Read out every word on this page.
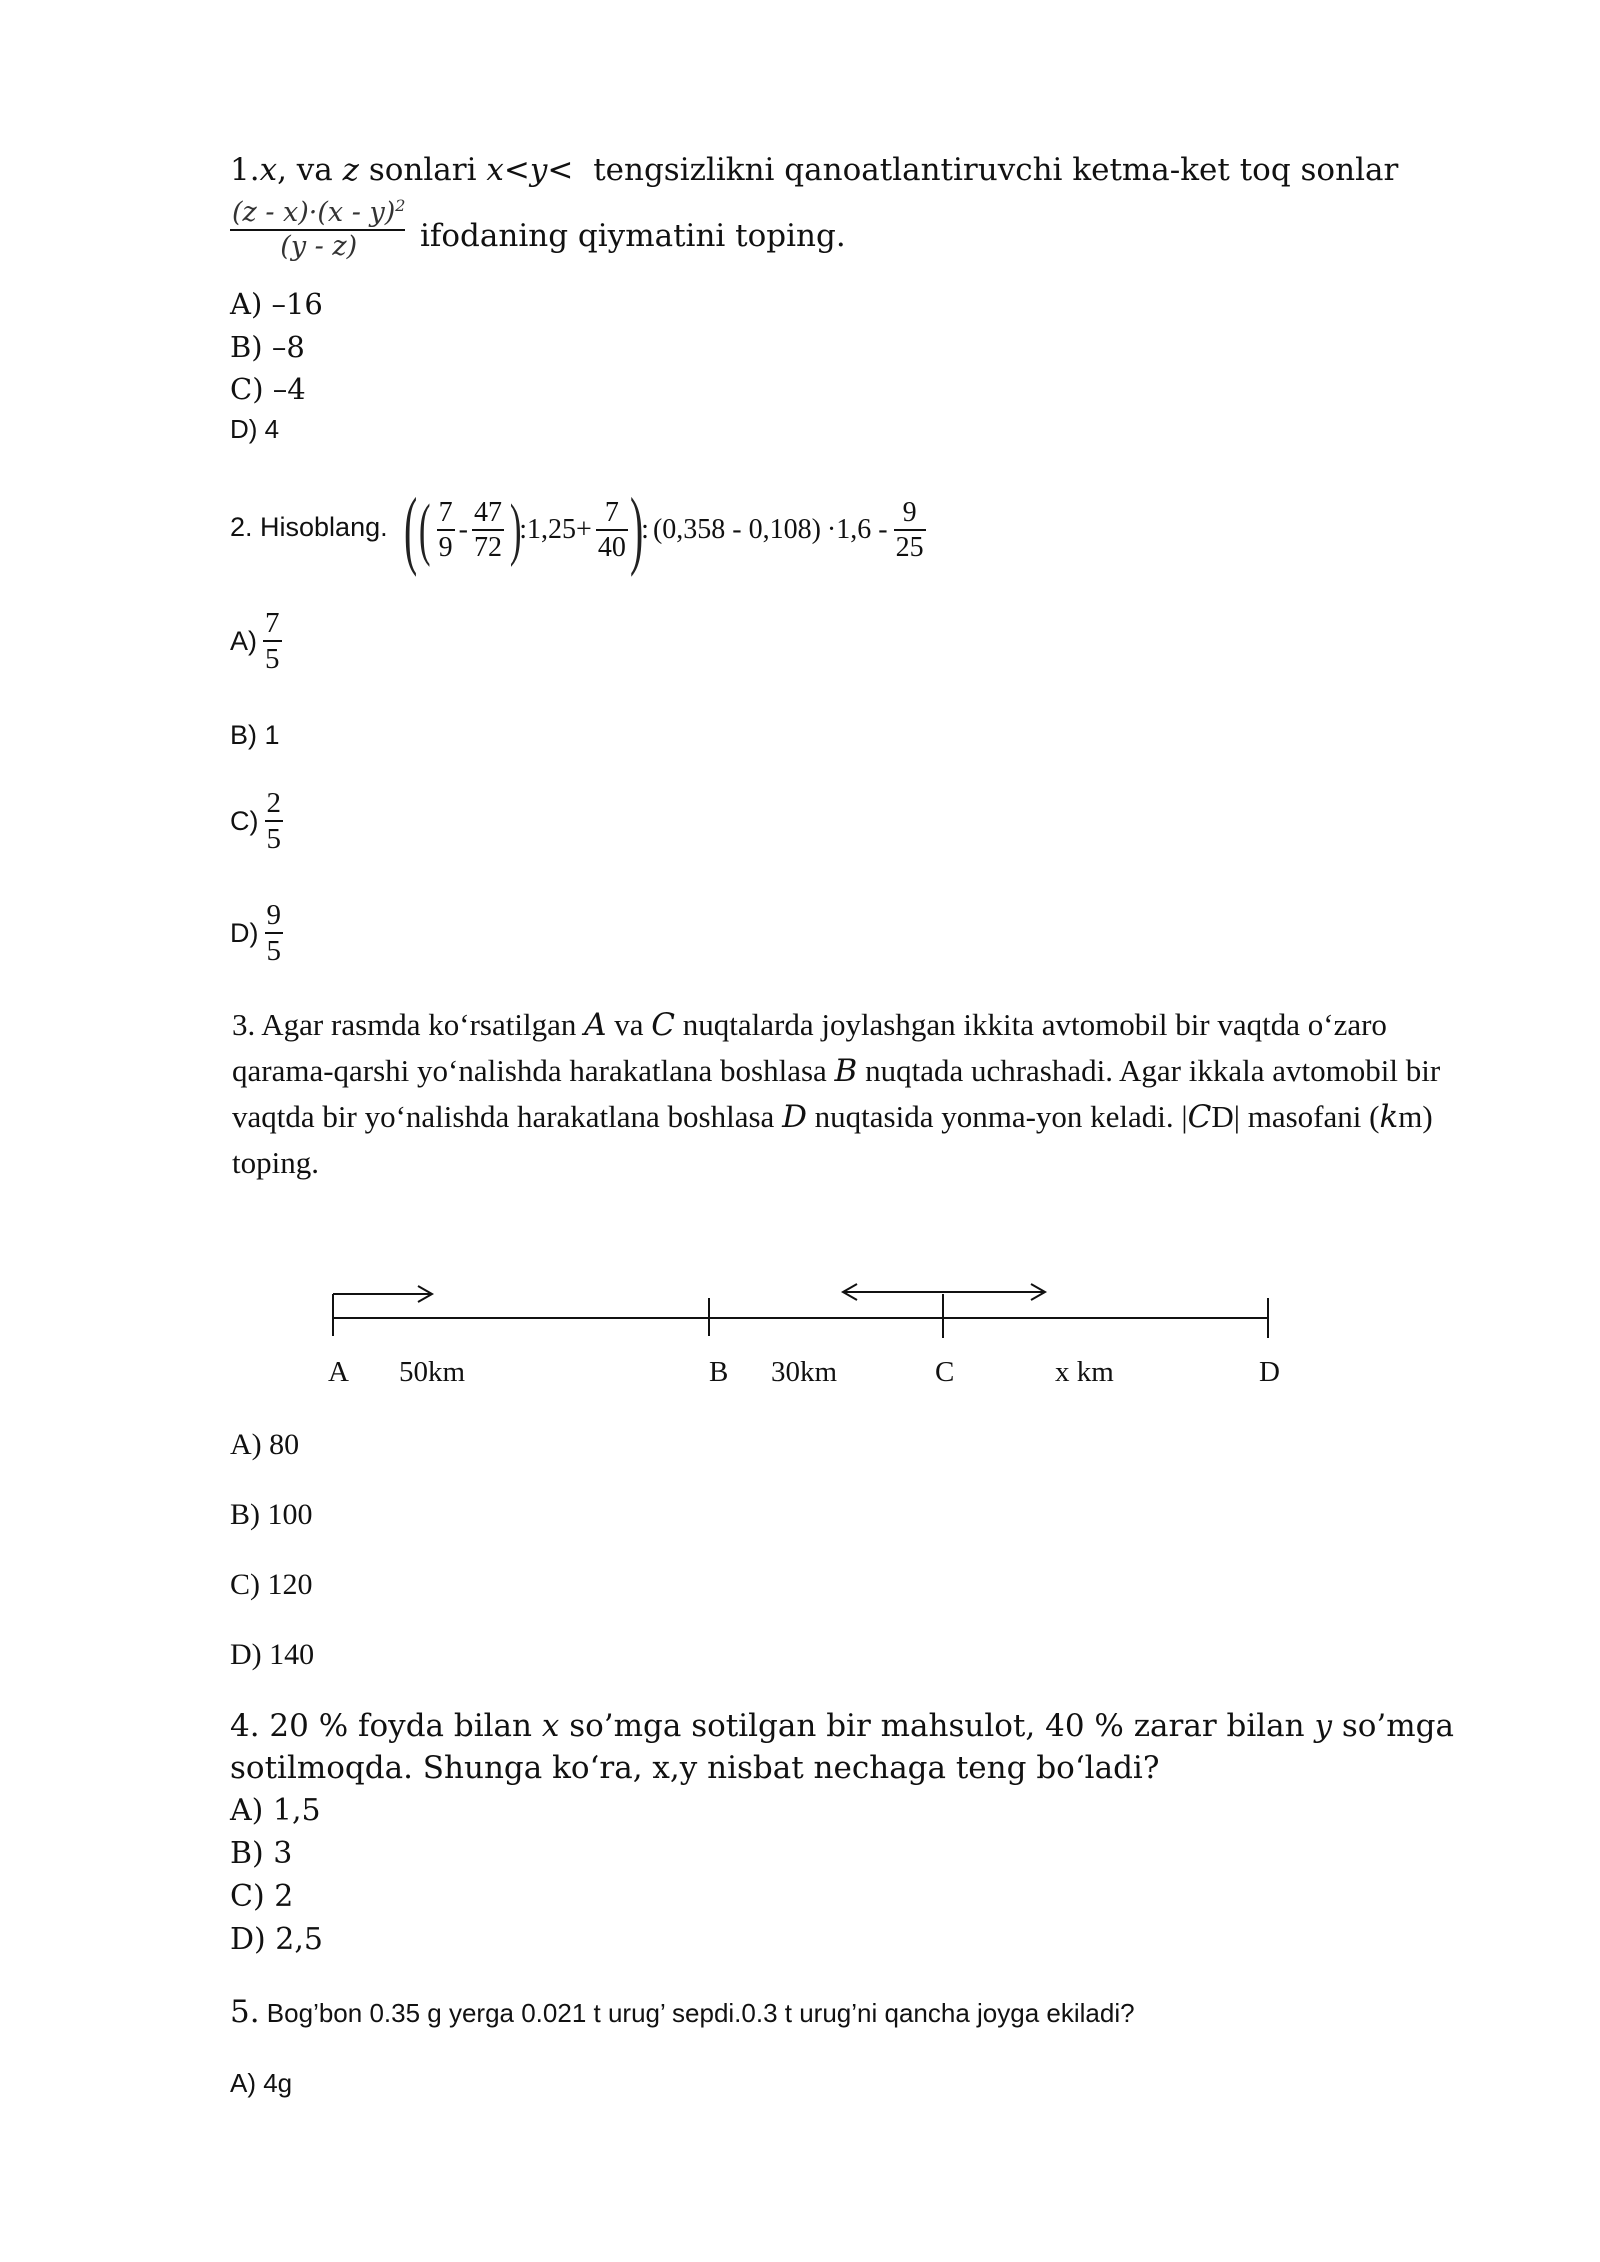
1.x, va z sonlari x<y< tengsizlikni qanoatlantiruvchi ketma-ket toq sonlar
$\frac{(z - x)\cdot(x - y)^2}{(y - z)}$ ifodaning qiymatini toping.
A) –16
B) –8
C) –4
D) 4
2. Hisoblang. ( ( $\frac{7}{9} - \frac{47}{72}$ )
:1,25+ $\frac{7}{40}$ )
: $(0,358 - 0,108) \cdot 1,6 - \frac{9}{25}$
$A) \frac{7}{5}$
B) 1
$C) \frac{2}{5}$
$D) \frac{9}{5}$
3. Agar rasmda ko‘rsatilgan A va C nuqtalarda joylashgan ikkita avtomobil bir vaqtda o‘zaro qarama-qarshi yo‘nalishda harakatlana boshlasa B nuqtada uchrashadi. Agar ikkala avtomobil bir vaqtda bir yo‘nalishda harakatlana boshlasa D nuqtasida yonma-yon keladi. |CD| masofani (km) toping.
A 50km	B 30km	C	x km	D
A) 80
B) 100
C) 120
D) 140
4. 20 % foyda bilan x so’mga sotilgan bir mahsulot, 40 % zarar bilan y so’mga
sotilmoqda. Shunga ko‘ra, x,y nisbat nechaga teng bo‘ladi?
A) 1,5
B) 3
C) 2
D) 2,5
5. Bog’bon 0.35 g yerga 0.021 t urug’ sepdi.0.3 t urug’ni qancha joyga ekiladi?
A) 4g
